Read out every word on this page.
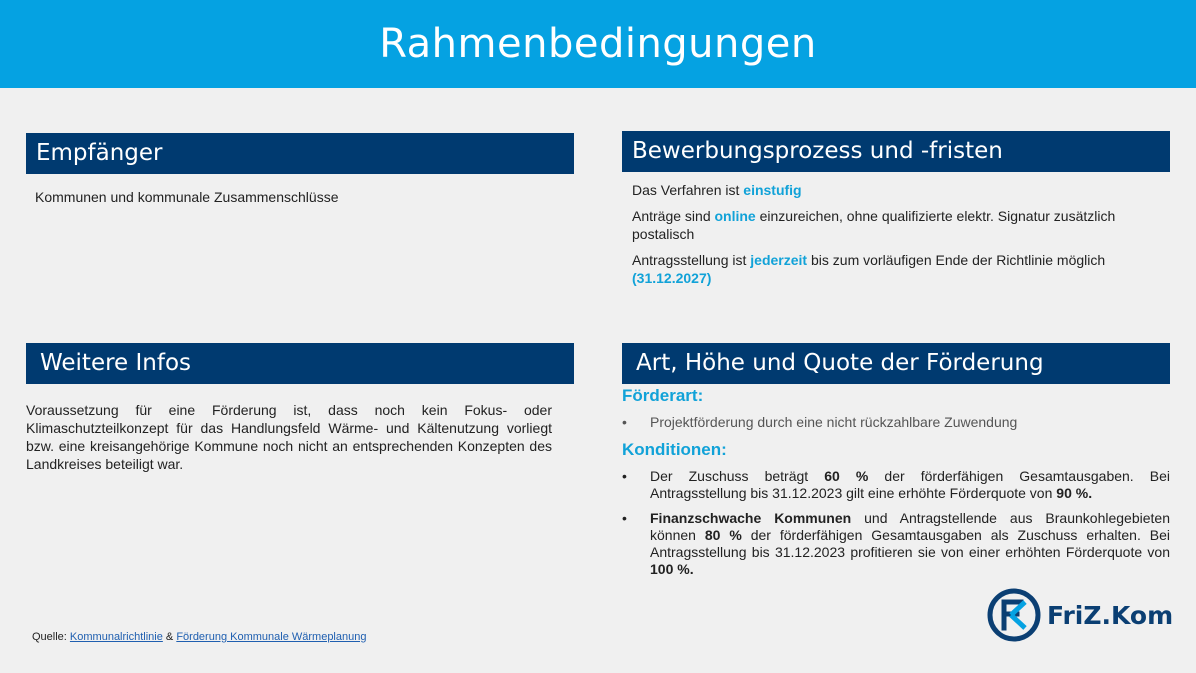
Rahmenbedingungen
Empfänger
Kommunen und kommunale Zusammenschlüsse
Bewerbungsprozess und -fristen

Das Verfahren ist einstufig

Anträge sind online einzureichen, ohne qualifizierte elektr. Signatur zusätzlich postalisch

Antragsstellung ist jederzeit bis zum vorläufigen Ende der Richtlinie möglich (31.12.2027)

Weitere Infos
Voraussetzung für eine Förderung ist, dass noch kein Fokus- oder Klimaschutzteilkonzept für das Handlungsfeld Wärme- und Kältenutzung vorliegt bzw. eine kreisangehörige Kommune noch nicht an entsprechenden Konzepten des Landkreises beteiligt war.
Art, Höhe und Quote der Förderung
Förderart:
• Projektförderung durch eine nicht rückzahlbare Zuwendung
Konditionen:
• Der Zuschuss beträgt 60 % der förderfähigen Gesamtausgaben. Bei Antragsstellung bis 31.12.2023 gilt eine erhöhte Förderquote von 90 %.
• Finanzschwache Kommunen und Antragstellende aus Braunkohlegebieten können 80 % der förderfähigen Gesamtausgaben als Zuschuss erhalten. Bei Antragsstellung bis 31.12.2023 profitieren sie von einer erhöhten Förderquote von 100 %.
Quelle: Kommunalrichtlinie & Förderung Kommunale Wärmeplanung
FriZ.Kom
